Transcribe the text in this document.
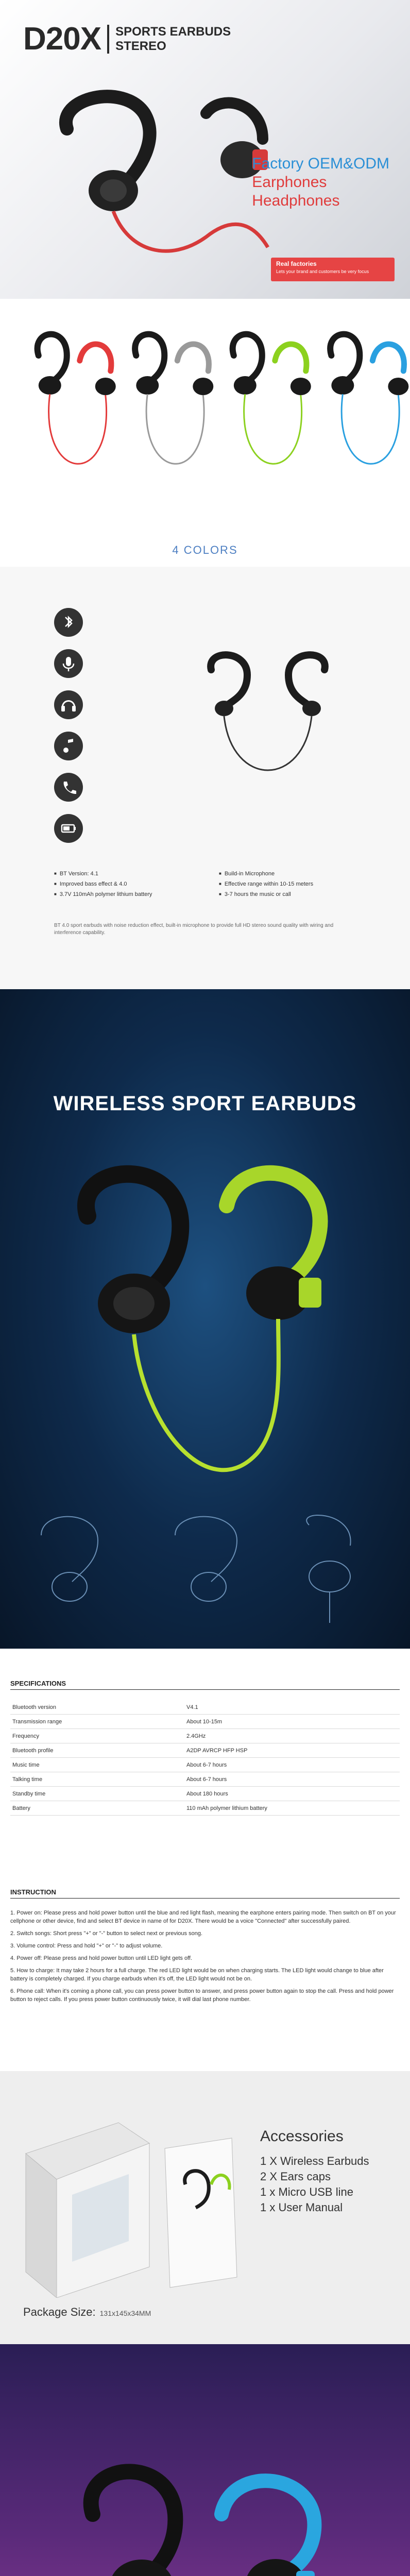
D20X SPORTS EARBUDS
STEREO
Factory OEM&ODM
Earphones
Headphones
Real factories
Lets your brand and customers be very focus
4 COLORS
■ BT Version: 4.1	■ Build-in Microphone
■ Improved bass effect & 4.0	■ Effective range within 10-15 meters
■ 3.7V 110mAh polymer lithium battery	■ 3-7 hours the music or call
BT 4.0 sport earbuds with noise reduction effect, built-in microphone to provide full HD stereo sound quality with wiring and interference capability.
WIRELESS SPORT EARBUDS
SPECIFICATIONS
Bluetooth version	V4.1
Transmission range	About 10-15m
Frequency	2.4GHz
Bluetooth profile	A2DP AVRCP HFP HSP
Music time	About 6-7 hours
Talking time	About 6-7 hours
Standby time	About 180 hours
Battery	110 mAh polymer lithium battery
INSTRUCTION
1. Power on: Please press and hold power button until the blue and red light flash, meaning the earphone enters pairing mode. Then switch on BT on your cellphone or other device, find and select BT device in name of for D20X. There would be a voice "Connected" after successfully paired.
2. Switch songs: Short press "+" or "-" button to select next or previous song.
3. Volume control: Press and hold "+" or "-" to adjust volume.
4. Power off: Please press and hold power button until LED light gets off.
5. How to charge: It may take 2 hours for a full charge. The red LED light would be on when charging starts. The LED light would change to blue after battery is completely charged. If you charge earbuds when it's off, the LED light would not be on.
6. Phone call: When it's coming a phone call, you can press power button to answer, and press power button again to stop the call. Press and hold power button to reject calls. If you press power button continuously twice, it will dial last phone number.
Accessories
1 X Wireless Earbuds
2 X Ears caps
1 x Micro USB line
1 x User Manual
Package Size: 131x145x34MM
